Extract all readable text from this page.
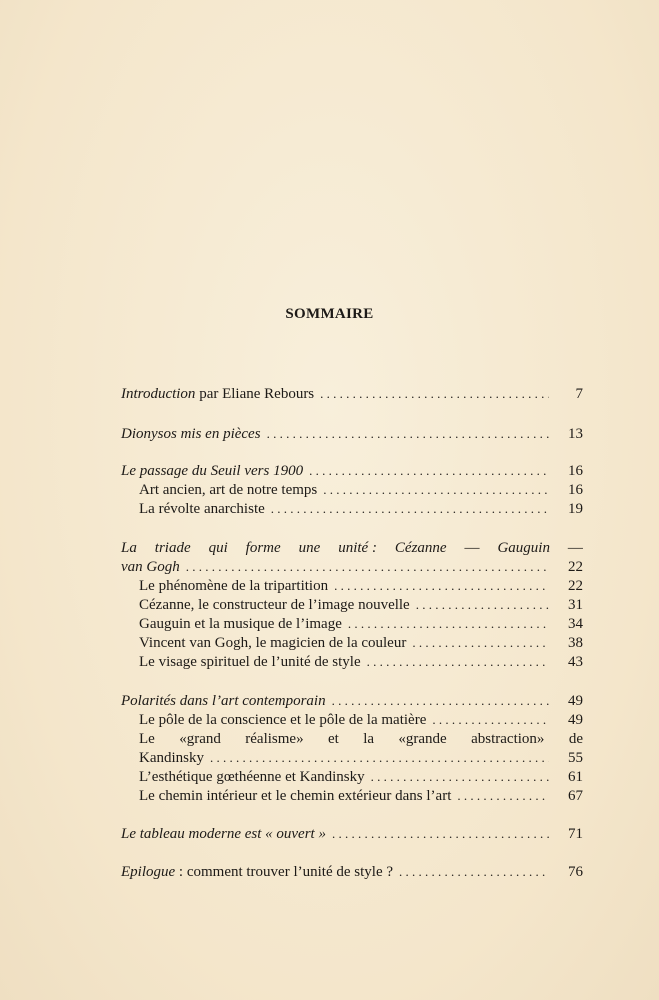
SOMMAIRE
Introduction par Eliane Rebours . . .	7
Dionysos mis en pièces . . .	13
Le passage du Seuil vers 1900 . . .	16
Art ancien, art de notre temps . . .	16
La révolte anarchiste . . .	19
La triade qui forme une unité : Cézanne — Gauguin —
van Gogh . . .	22
Le phénomène de la tripartition . . .	22
Cézanne, le constructeur de l’image nouvelle . . .	31
Gauguin et la musique de l’image . . .	34
Vincent van Gogh, le magicien de la couleur . . .	38
Le visage spirituel de l’unité de style . . .	43
Polarités dans l’art contemporain . . .	49
Le pôle de la conscience et le pôle de la matière . . .	49
Le «grand réalisme» et la «grande abstraction» de
Kandinsky . . .	55
L’esthétique gœthéenne et Kandinsky . . .	61
Le chemin intérieur et le chemin extérieur dans l’art . . .	67
Le tableau moderne est « ouvert » . . .	71
Epilogue : comment trouver l’unité de style ? . . .	76
